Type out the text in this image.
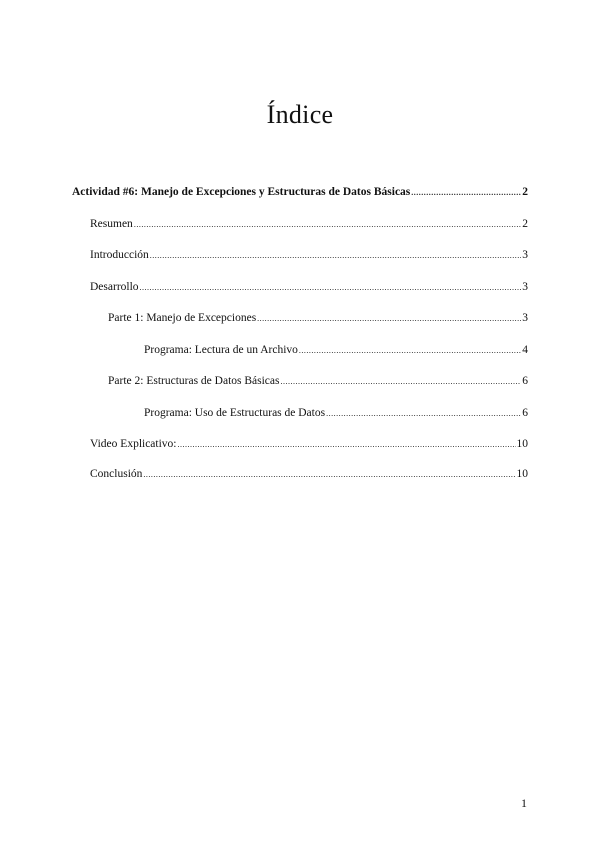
Índice
Actividad #6: Manejo de Excepciones y Estructuras de Datos Básicas .....	2
Resumen .....	2
Introducción .....	3
Desarrollo .....	3
Parte 1: Manejo de Excepciones .....	3
Programa: Lectura de un Archivo .....	4
Parte 2: Estructuras de Datos Básicas .....	6
Programa: Uso de Estructuras de Datos .....	6
Video Explicativo: .....	10
Conclusión .....	10
1
